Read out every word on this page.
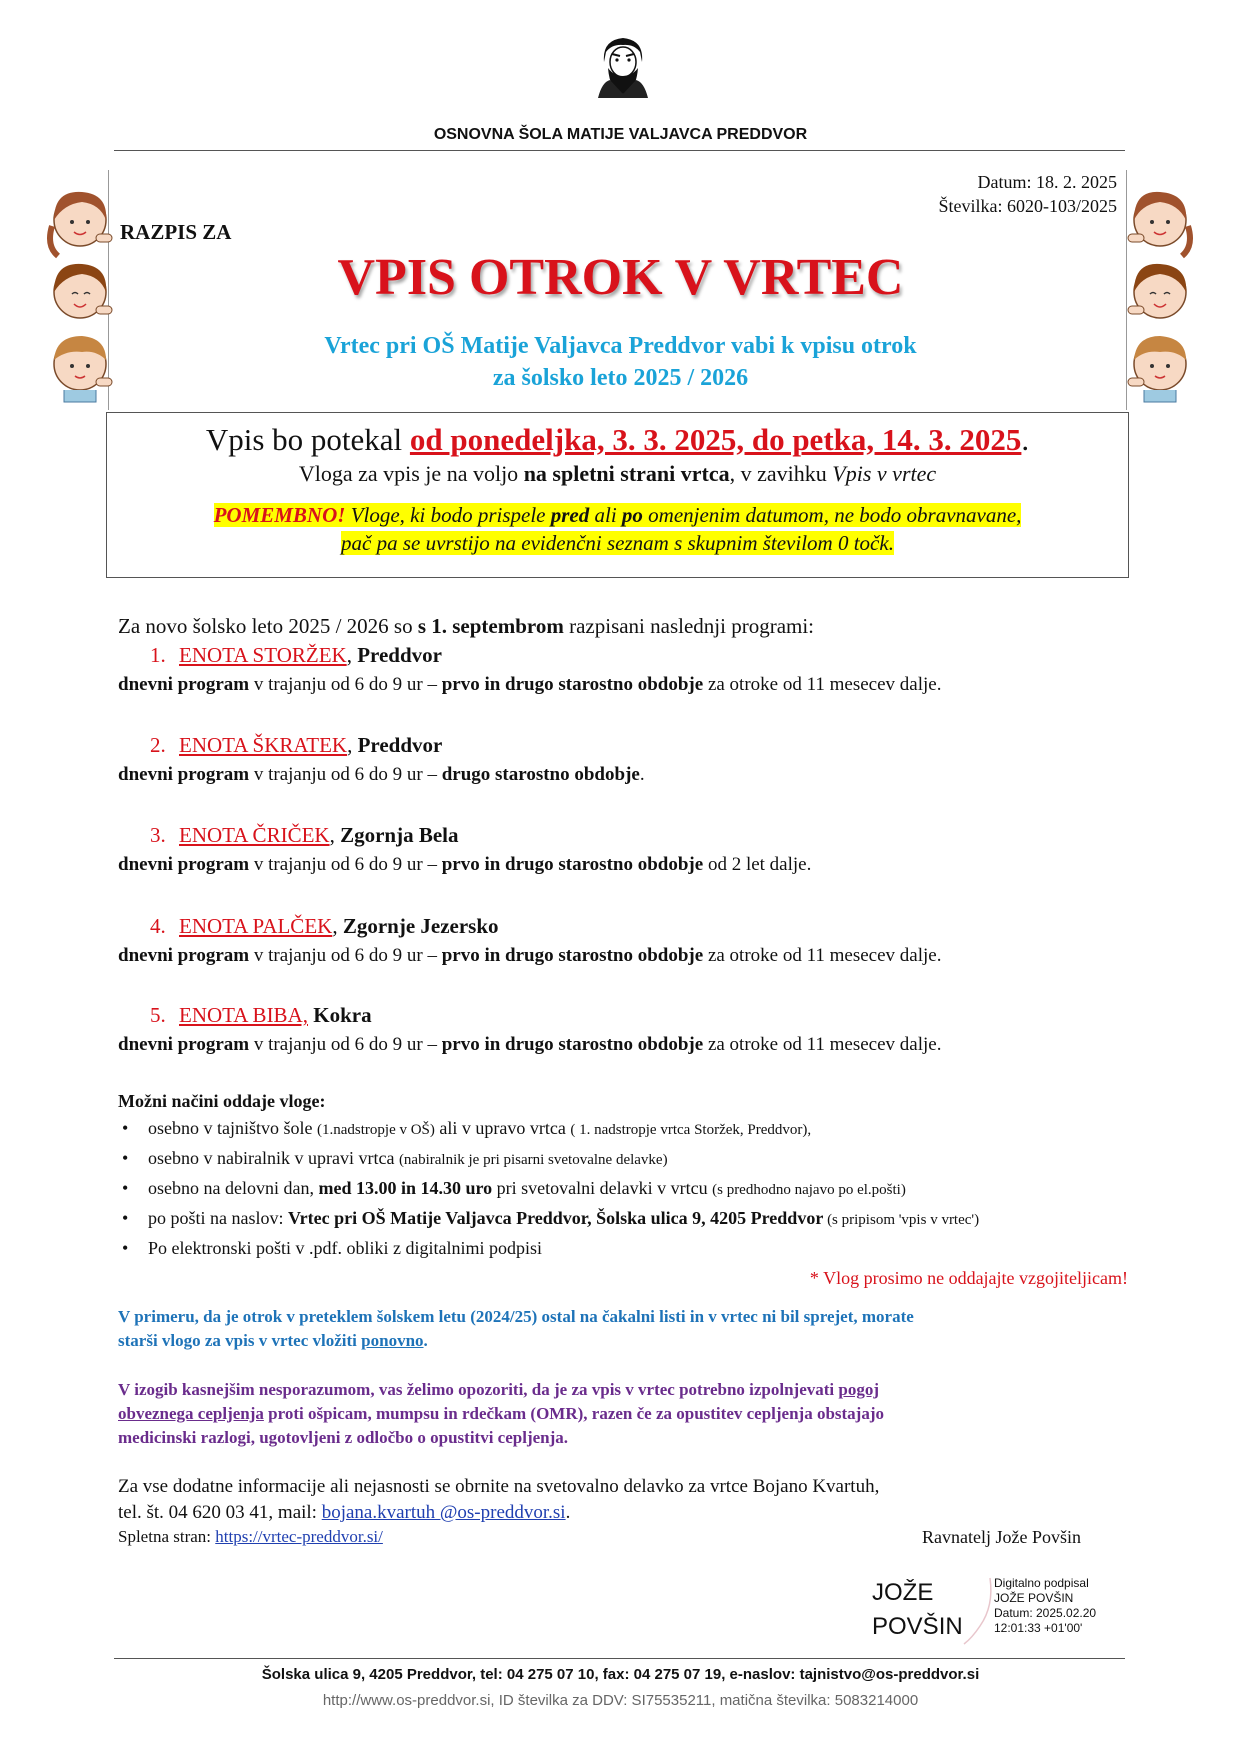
OSNOVNA ŠOLA MATIJE VALJAVCA PREDDVOR
Datum: 18. 2. 2025
Številka: 6020-103/2025
RAZPIS ZA
VPIS OTROK V VRTEC
Vrtec pri OŠ Matije Valjavca Preddvor vabi k vpisu otrok
za šolsko leto 2025 / 2026
Vpis bo potekal od ponedeljka, 3. 3. 2025, do petka, 14. 3. 2025.
Vloga za vpis je na voljo na spletni strani vrtca, v zavihku Vpis v vrtec
POMEMBNO! Vloge, ki bodo prispele pred ali po omenjenim datumom, ne bodo obravnavane,
pač pa se uvrstijo na evidenčni seznam s skupnim številom 0 točk.
Za novo šolsko leto 2025 / 2026 so s 1. septembrom razpisani naslednji programi:
1. ENOTA STORŽEK, Preddvor
dnevni program v trajanju od 6 do 9 ur – prvo in drugo starostno obdobje za otroke od 11 mesecev dalje.
2. ENOTA ŠKRATEK, Preddvor
dnevni program v trajanju od 6 do 9 ur – drugo starostno obdobje.
3. ENOTA ČRIČEK, Zgornja Bela
dnevni program v trajanju od 6 do 9 ur – prvo in drugo starostno obdobje od 2 let dalje.
4. ENOTA PALČEK, Zgornje Jezersko
dnevni program v trajanju od 6 do 9 ur – prvo in drugo starostno obdobje za otroke od 11 mesecev dalje.
5. ENOTA BIBA, Kokra
dnevni program v trajanju od 6 do 9 ur – prvo in drugo starostno obdobje za otroke od 11 mesecev dalje.
Možni načini oddaje vloge:
• osebno v tajništvo šole (1.nadstropje v OŠ) ali v upravo vrtca ( 1. nadstropje vrtca Storžek, Preddvor),
• osebno v nabiralnik v upravi vrtca (nabiralnik je pri pisarni svetovalne delavke)
• osebno na delovni dan, med 13.00 in 14.30 uro pri svetovalni delavki v vrtcu (s predhodno najavo po el.pošti)
• po pošti na naslov: Vrtec pri OŠ Matije Valjavca Preddvor, Šolska ulica 9, 4205 Preddvor (s pripisom 'vpis v vrtec')
• Po elektronski pošti v .pdf. obliki z digitalnimi podpisi
* Vlog prosimo ne oddajajte vzgojiteljicam!
V primeru, da je otrok v preteklem šolskem letu (2024/25) ostal na čakalni listi in v vrtec ni bil sprejet, morate
starši vlogo za vpis v vrtec vložiti ponovno.
V izogib kasnejšim nesporazumom, vas želimo opozoriti, da je za vpis v vrtec potrebno izpolnjevati pogoj
obveznega cepljenja proti ošpicam, mumpsu in rdečkam (OMR), razen če za opustitev cepljenja obstajajo
medicinski razlogi, ugotovljeni z odločbo o opustitvi cepljenja.
Za vse dodatne informacije ali nejasnosti se obrnite na svetovalno delavko za vrtce Bojano Kvartuh,
tel. št. 04 620 03 41, mail: bojana.kvartuh @os-preddvor.si.
Spletna stran: https://vrtec-preddvor.si/	Ravnatelj Jože Povšin
JOŽE
POVŠIN
Digitalno podpisal
JOŽE POVŠIN
Datum: 2025.02.20
12:01:33 +01'00'
Šolska ulica 9, 4205 Preddvor, tel: 04 275 07 10, fax: 04 275 07 19, e-naslov: tajnistvo@os-preddvor.si
http://www.os-preddvor.si, ID številka za DDV: SI75535211, matična številka: 5083214000
